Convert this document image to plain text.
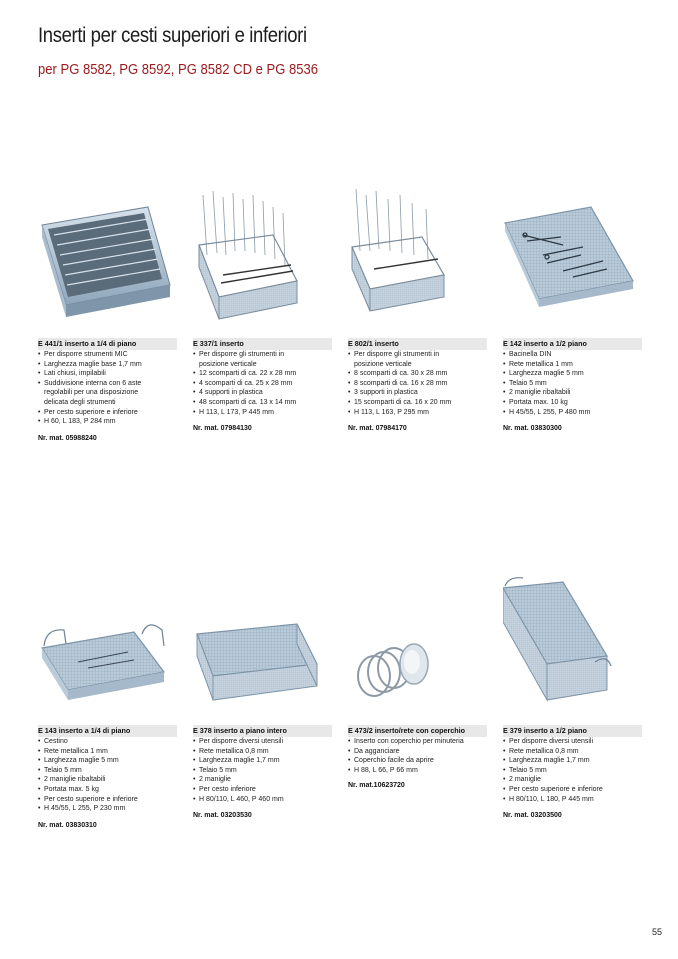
Inserti per cesti superiori e inferiori
per PG 8582, PG 8592, PG 8582 CD e PG 8536
E 441/1 inserto a 1/4 di piano
• Per disporre strumenti MIC
• Larghezza maglie base 1,7 mm
• Lati chiusi, impilabili
• Suddivisione interna con 6 aste regolabili per una disposizione delicata degli strumenti
• Per cesto superiore e inferiore
• H 60, L 183, P 284 mm
Nr. mat. 05988240
E 337/1 inserto
• Per disporre gli strumenti in posizione verticale
• 12 scomparti di ca. 22 x 28 mm
• 4 scomparti di ca. 25 x 28 mm
• 4 supporti in plastica
• 48 scomparti di ca. 13 x 14 mm
• H 113, L 173, P 445 mm
Nr. mat. 07984130
E 802/1 inserto
• Per disporre gli strumenti in posizione verticale
• 8 scomparti di ca. 30 x 28 mm
• 8 scomparti di ca. 16 x 28 mm
• 3 supporti in plastica
• 15 scomparti di ca. 16 x 20 mm
• H 113, L 163, P 295 mm
Nr. mat. 07984170
E 142 inserto a 1/2 piano
• Bacinella DIN
• Rete metallica 1 mm
• Larghezza maglie 5 mm
• Telaio 5 mm
• 2 maniglie ribaltabili
• Portata max. 10 kg
• H 45/55, L 255, P 480 mm
Nr. mat. 03830300
E 143 inserto a 1/4 di piano
• Cestino
• Rete metallica 1 mm
• Larghezza maglie 5 mm
• Telaio 5 mm
• 2 maniglie ribaltabili
• Portata max. 5 kg
• Per cesto superiore e inferiore
• H 45/55, L 255, P 230 mm
Nr. mat. 03830310
E 378 inserto a piano intero
• Per disporre diversi utensili
• Rete metallica 0,8 mm
• Larghezza maglie 1,7 mm
• Telaio 5 mm
• 2 maniglie
• Per cesto inferiore
• H 80/110, L 460, P 460 mm
Nr. mat. 03203530
E 473/2 inserto/rete con coperchio
• Inserto con coperchio per minuteria
• Da agganciare
• Coperchio facile da aprire
• H 88, L 66, P 66 mm
Nr. mat.10623720
E 379 inserto a 1/2 piano
• Per disporre diversi utensili
• Rete metallica 0,8 mm
• Larghezza maglie 1,7 mm
• Telaio 5 mm
• 2 maniglie
• Per cesto superiore e inferiore
• H 80/110, L 180, P 445 mm
Nr. mat. 03203500
55
